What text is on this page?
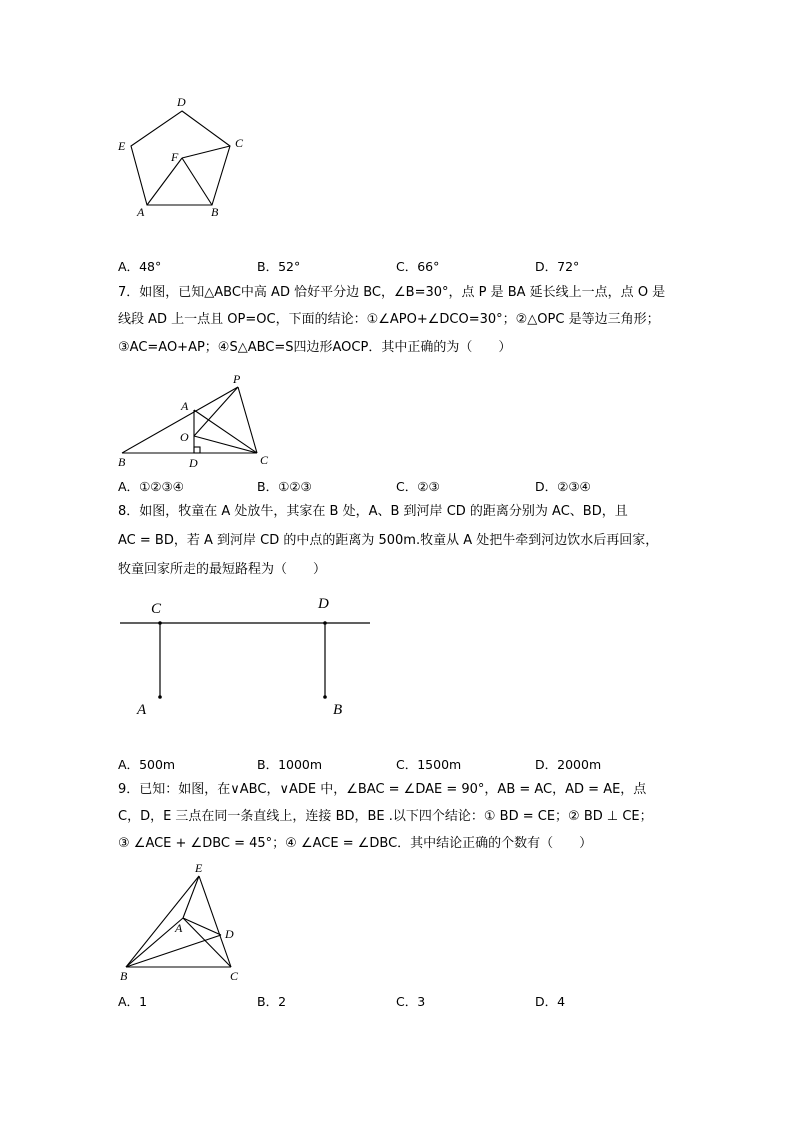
D
E	C
F
A	B
A．48°	B．52°	C．66°	D．72°
7．如图，已知△ABC中高 AD 恰好平分边 BC，∠B=30°，点 P 是 BA 延长线上一点，点 O 是
线段 AD 上一点且 OP=OC，下面的结论：①∠APO+∠DCO=30°；②△OPC 是等边三角形；
③AC=AO+AP；④S△ABC=S四边形AOCP．其中正确的为（　　）
P
A
O
B	D	C
A．①②③④	B．①②③	C．②③	D．②③④
8．如图，牧童在 A 处放牛，其家在 B 处，A、B 到河岸 CD 的距离分别为 AC、BD，且
AC = BD，若 A 到河岸 CD 的中点的距离为 500m.牧童从 A 处把牛牵到河边饮水后再回家，
牧童回家所走的最短路程为（　　）
C	D
A	B
A．500m	B．1000m	C．1500m	D．2000m
9．已知：如图，在∨ABC，∨ADE 中，∠BAC = ∠DAE = 90°，AB = AC，AD = AE，点
C，D，E 三点在同一条直线上，连接 BD，BE .以下四个结论：① BD = CE；② BD ⊥ CE；
③ ∠ACE + ∠DBC = 45°；④ ∠ACE = ∠DBC．其中结论正确的个数有（　　）
E
A	D
B	C
A．1	B．2	C．3	D．4
